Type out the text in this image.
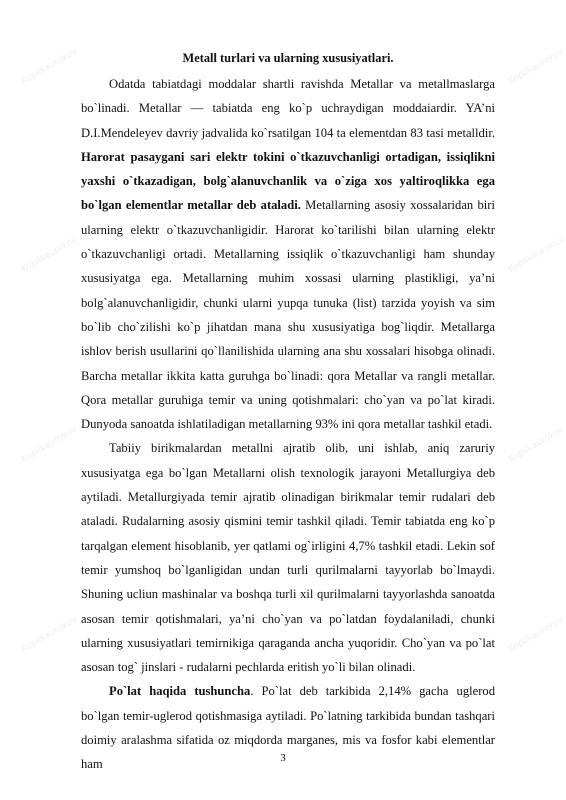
Kopilkaurokov	Kopilkaurokov
Kopilkaurokov	Kopilkaurokov
Kopilkaurokov	Kopilkaurokov
Kopilkaurokov	Kopilkaurokov
Metall turlari va ularning xususiyatlari.

Odatda tabiatdagi moddalar shartli ravishda Metallar va metallmaslarga bo`linadi. Metallar — tabiatda eng ko`p uchraydigan moddaiardir. YA’ni D.I.Mendeleyev davriy jadvalida ko`rsatilgan 104 ta elementdan 83 tasi metalldir. Harorat pasaygani sari elektr tokini o`tkazuvchanligi ortadigan, issiqlikni yaxshi o`tkazadigan, bolg`alanuvchanlik va o`ziga xos yaltiroqlikka ega bo`lgan elementlar metallar deb ataladi. Metallarning asosiy xossalaridan biri ularning elektr o`tkazuvchanligidir. Harorat ko`tarilishi bilan ularning elektr o`tkazuvchanligi ortadi. Metallarning issiqlik o`tkazuvchanligi ham shunday xususiyatga ega. Metallarning muhim xossasi ularning plastikligi, ya’ni bolg`alanuvchanligidir, chunki ularni yupqa tunuka (list) tarzida yoyish va sim bo`lib cho`zilishi ko`p jihatdan mana shu xususiyatiga bog`liqdir. Metallarga ishlov berish usullarini qo`llanilishida ularning ana shu xossalari hisobga olinadi. Barcha metallar ikkita katta guruhga bo`linadi: qora Metallar va rangli metallar. Qora metallar guruhiga temir va uning qotishmalari: cho`yan va po`lat kiradi. Dunyoda sanoatda ishlatiladigan metallarning 93% ini qora metallar tashkil etadi.

Tabiiy birikmalardan metallni ajratib olib, uni ishlab, aniq zaruriy xususiyatga ega bo`lgan Metallarni olish texnologik jarayoni Metallurgiya deb aytiladi. Metallurgiyada temir ajratib olinadigan birikmalar temir rudalari deb ataladi. Rudalarning asosiy qismini temir tashkil qiladi. Temir tabiatda eng ko`p tarqalgan element hisoblanib, yer qatlami og`irligini 4,7% tashkil etadi. Lekin sof temir yumshoq bo`lganligidan undan turli qurilmalarni tayyorlab bo`lmaydi. Shuning ucliun mashinalar va boshqa turli xil qurilmalarni tayyorlashda sanoatda asosan temir qotishmalari, ya’ni cho`yan va po`latdan foydalaniladi, chunki ularning xususiyatlari temirnikiga qaraganda ancha yuqoridir. Cho`yan va po`lat asosan tog` jinslari - rudalarni pechlarda eritish yo`li bilan olinadi.

Po`lat haqida tushuncha. Po`lat deb tarkibida 2,14% gacha uglerod bo`lgan temir-uglerod qotishmasiga aytiladi. Po`latning tarkibida bundan tashqari doimiy aralashma sifatida oz miqdorda marganes, mis va fosfor kabi elementlar ham	3
